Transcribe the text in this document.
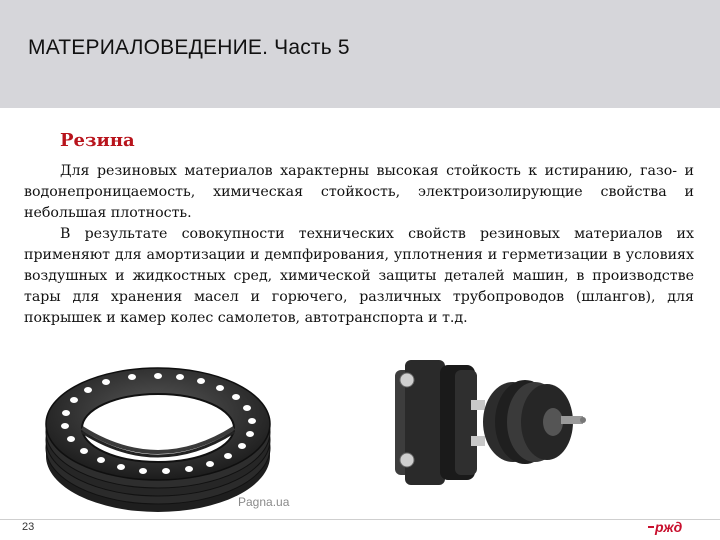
МАТЕРИАЛОВЕДЕНИЕ. Часть 5
Резина

Для резиновых материалов характерны высокая стойкость к истиранию, газо- и водонепроницаемость, химическая стойкость, электроизолирующие свойства и небольшая плотность.

В результате совокупности технических свойств резиновых материалов их применяют для амортизации и демпфирования, уплотнения и герметизации в условиях воздушных и жидкостных сред, химической защиты деталей машин, в производстве тары для хранения масел и горючего, различных трубопроводов (шлангов), для покрышек и камер колес самолетов, автотранспорта и т.д.

Pagna.ua
23	ржд
